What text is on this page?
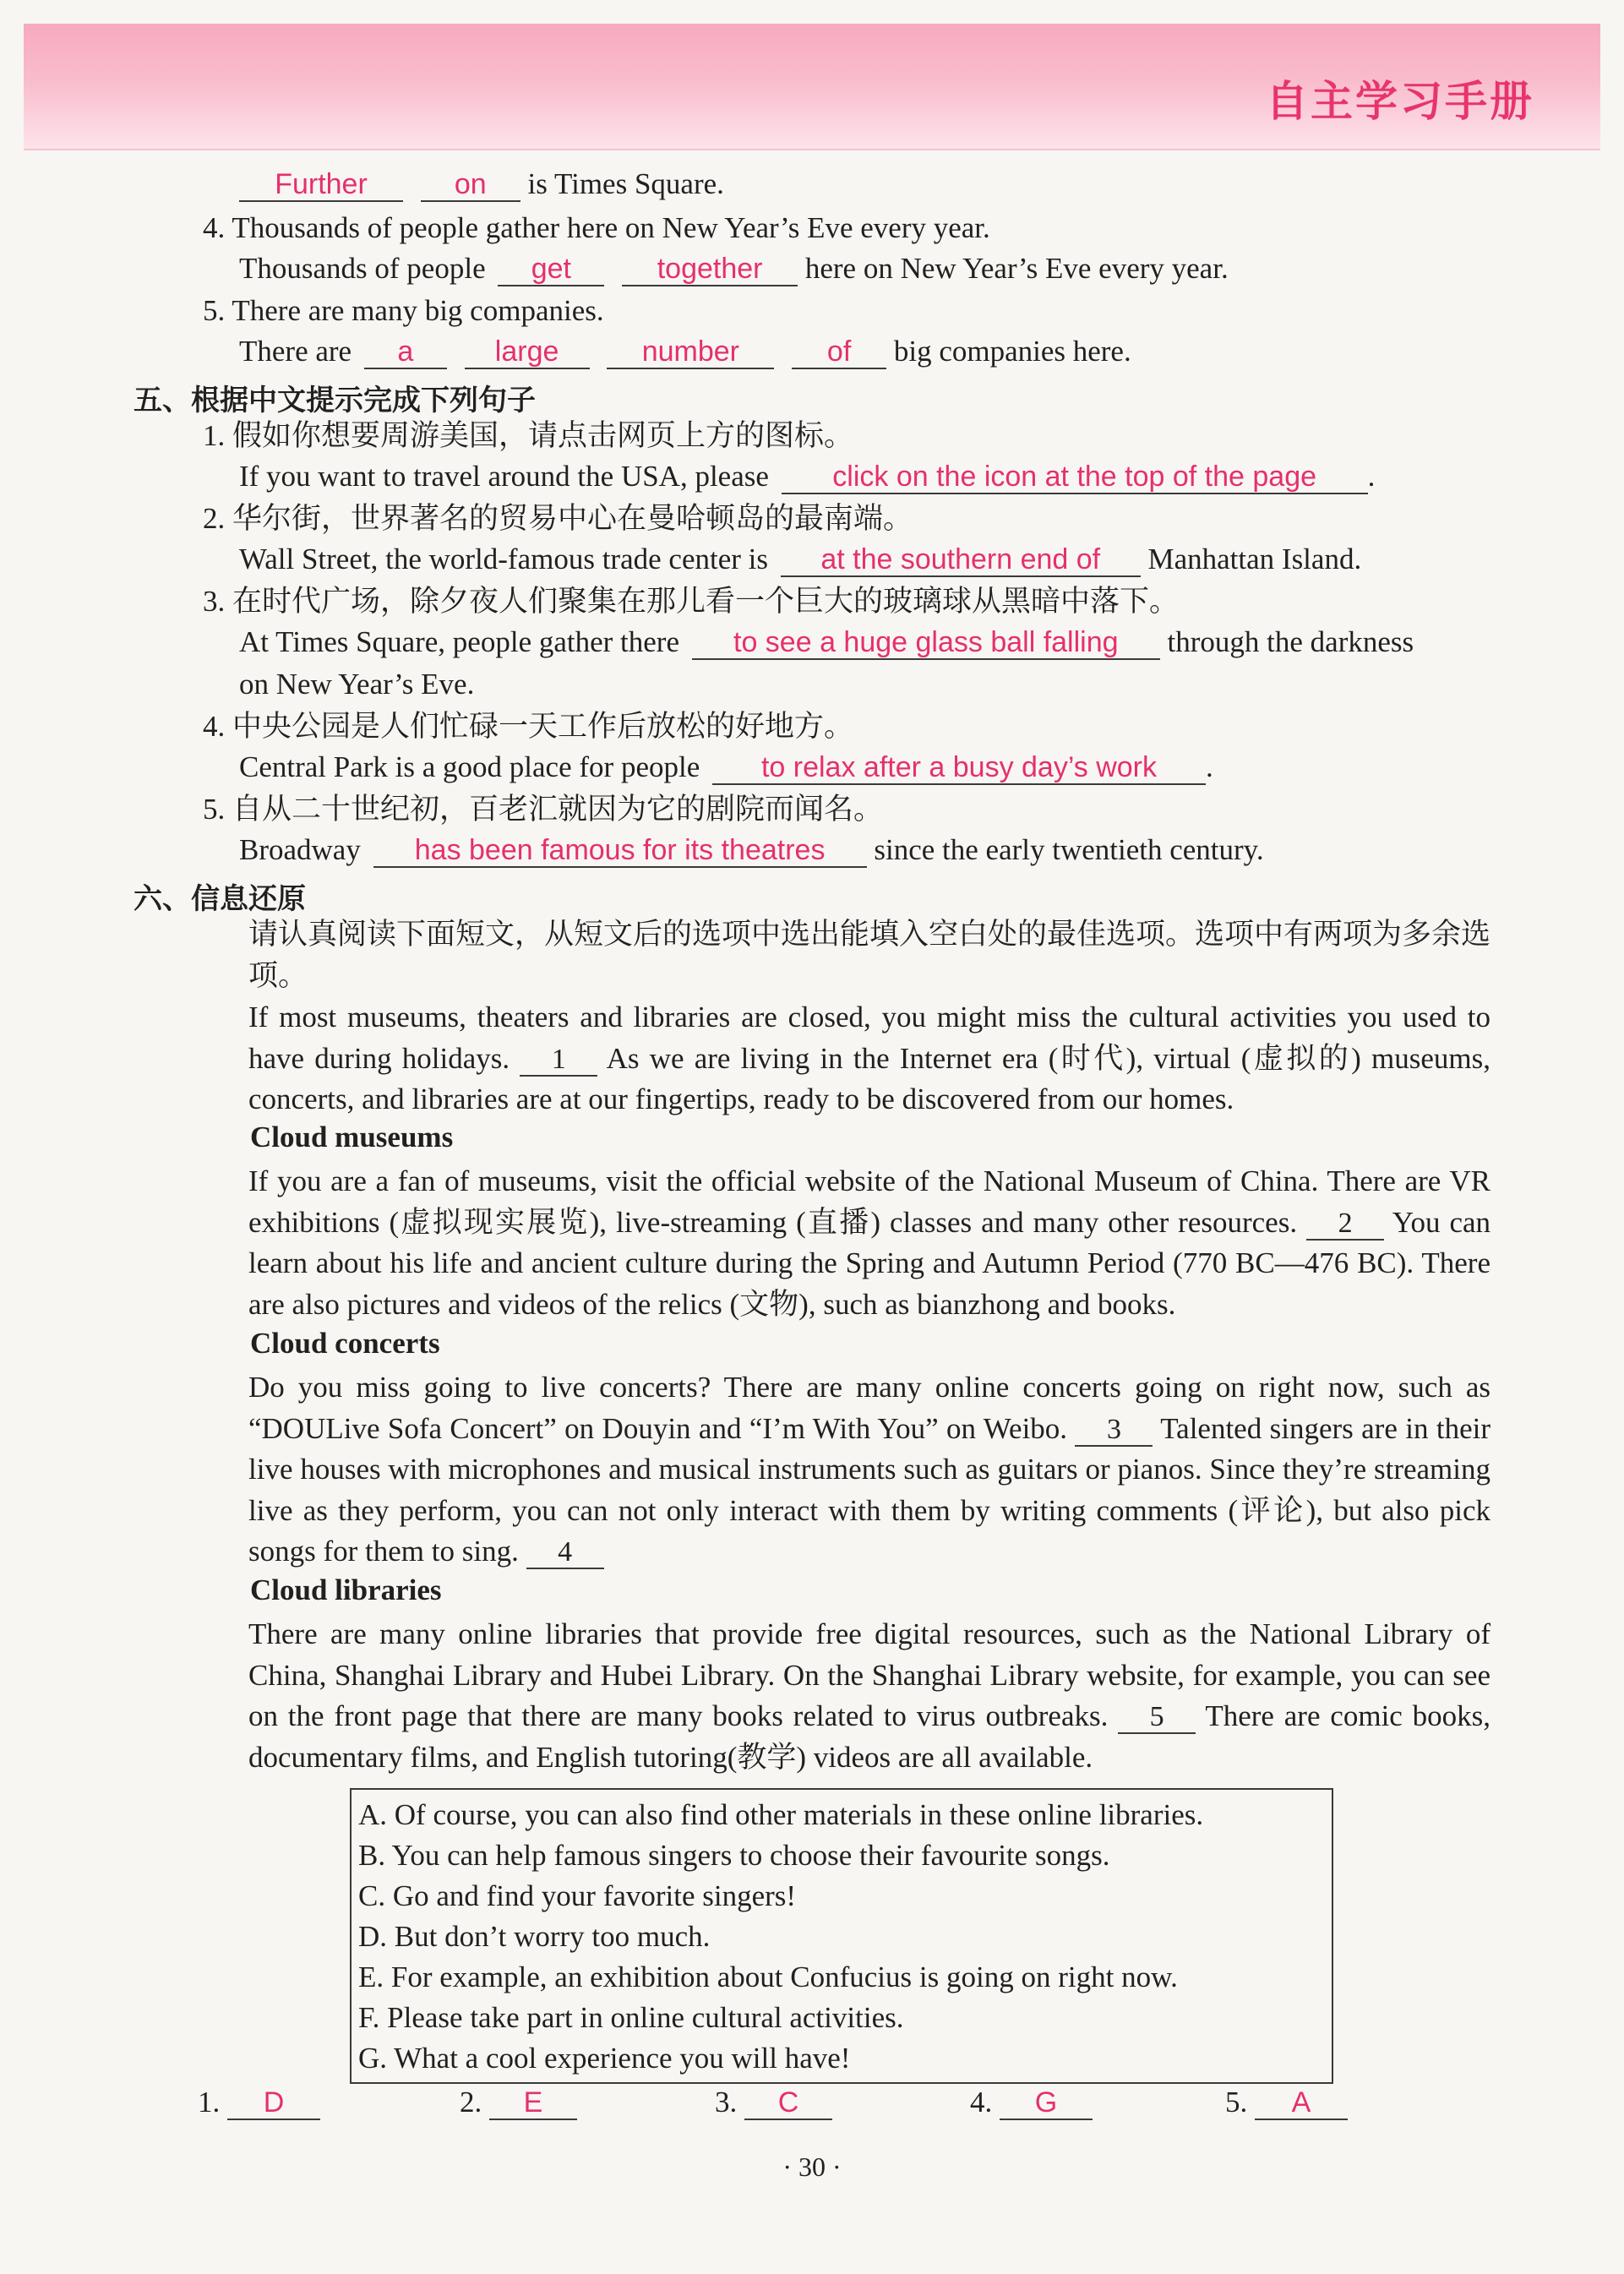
自主学习手册
Further	on is Times Square.
4. Thousands of people gather here on New Year’s Eve every year.
Thousands of people get	together here on New Year’s Eve every year.
5. There are many big companies.
There are a	large	number	of big companies here.
五、根据中文提示完成下列句子
1. 假如你想要周游美国，请点击网页上方的图标。
If you want to travel around the USA, please click on the icon at the top of the page .
2. 华尔街，世界著名的贸易中心在曼哈顿岛的最南端。
Wall Street, the world-famous trade center is at the southern end of Manhattan Island.
3. 在时代广场，除夕夜人们聚集在那儿看一个巨大的玻璃球从黑暗中落下。
At Times Square, people gather there to see a huge glass ball falling through the darkness
on New Year’s Eve.
4. 中央公园是人们忙碌一天工作后放松的好地方。
Central Park is a good place for people to relax after a busy day’s work .
5. 自从二十世纪初，百老汇就因为它的剧院而闻名。
Broadway has been famous for its theatres since the early twentieth century.
六、信息还原
请认真阅读下面短文，从短文后的选项中选出能填入空白处的最佳选项。选项中有两项为多余选项。
If most museums, theaters and libraries are closed, you might miss the cultural activities you used to have during holidays. 1 As we are living in the Internet era (时代), virtual (虚拟的) museums, concerts, and libraries are at our fingertips, ready to be discovered from our homes.
Cloud museums
If you are a fan of museums, visit the official website of the National Museum of China. There are VR exhibitions (虚拟现实展览), live-streaming (直播) classes and many other resources. 2 You can learn about his life and ancient culture during the Spring and Autumn Period (770 BC—476 BC). There are also pictures and videos of the relics (文物), such as bianzhong and books.
Cloud concerts
Do you miss going to live concerts? There are many online concerts going on right now, such as “DOULive Sofa Concert” on Douyin and “I’m With You” on Weibo. 3 Talented singers are in their live houses with microphones and musical instruments such as guitars or pianos. Since they’re streaming live as they perform, you can not only interact with them by writing comments (评论), but also pick songs for them to sing. 4
Cloud libraries
There are many online libraries that provide free digital resources, such as the National Library of China, Shanghai Library and Hubei Library. On the Shanghai Library website, for example, you can see on the front page that there are many books related to virus outbreaks. 5 There are comic books, documentary films, and English tutoring(教学) videos are all available.
A. Of course, you can also find other materials in these online libraries.
B. You can help famous singers to choose their favourite songs.
C. Go and find your favorite singers!
D. But don’t worry too much.
E. For example, an exhibition about Confucius is going on right now.
F. Please take part in online cultural activities.
G. What a cool experience you will have!
1. D	2. E	3. C	4. G	5. A
· 30 ·
